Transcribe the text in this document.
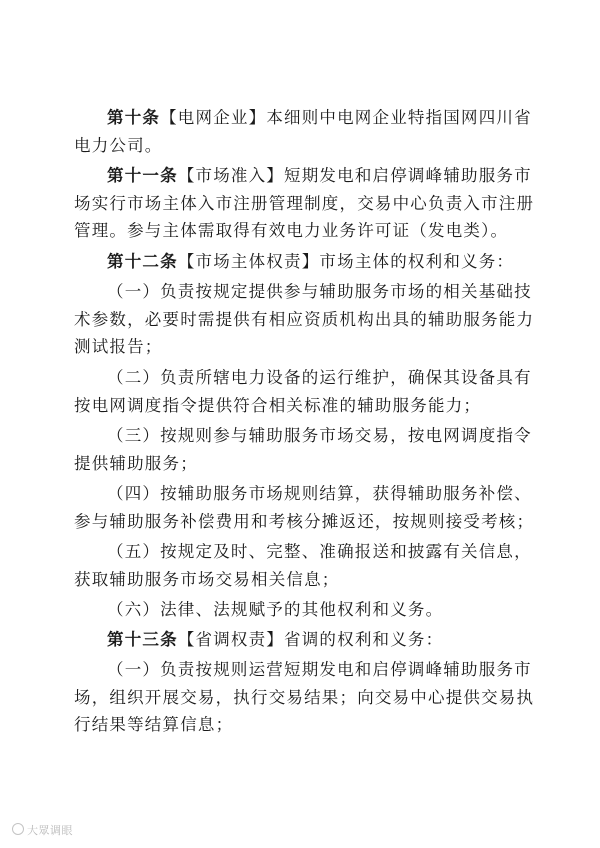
第十条【电网企业】本细则中电网企业特指国网四川省电力公司。

第十一条【市场准入】短期发电和启停调峰辅助服务市场实行市场主体入市注册管理制度，交易中心负责入市注册管理。参与主体需取得有效电力业务许可证（发电类）。

第十二条【市场主体权责】市场主体的权利和义务：

（一）负责按规定提供参与辅助服务市场的相关基础技术参数，必要时需提供有相应资质机构出具的辅助服务能力测试报告；

（二）负责所辖电力设备的运行维护，确保其设备具有按电网调度指令提供符合相关标准的辅助服务能力；

（三）按规则参与辅助服务市场交易，按电网调度指令提供辅助服务；

（四）按辅助服务市场规则结算，获得辅助服务补偿、参与辅助服务补偿费用和考核分摊返还，按规则接受考核；

（五）按规定及时、完整、准确报送和披露有关信息，获取辅助服务市场交易相关信息；

（六）法律、法规赋予的其他权利和义务。

第十三条【省调权责】省调的权利和义务：

（一）负责按规则运营短期发电和启停调峰辅助服务市场，组织开展交易，执行交易结果；向交易中心提供交易执行结果等结算信息；

大眾调眼
